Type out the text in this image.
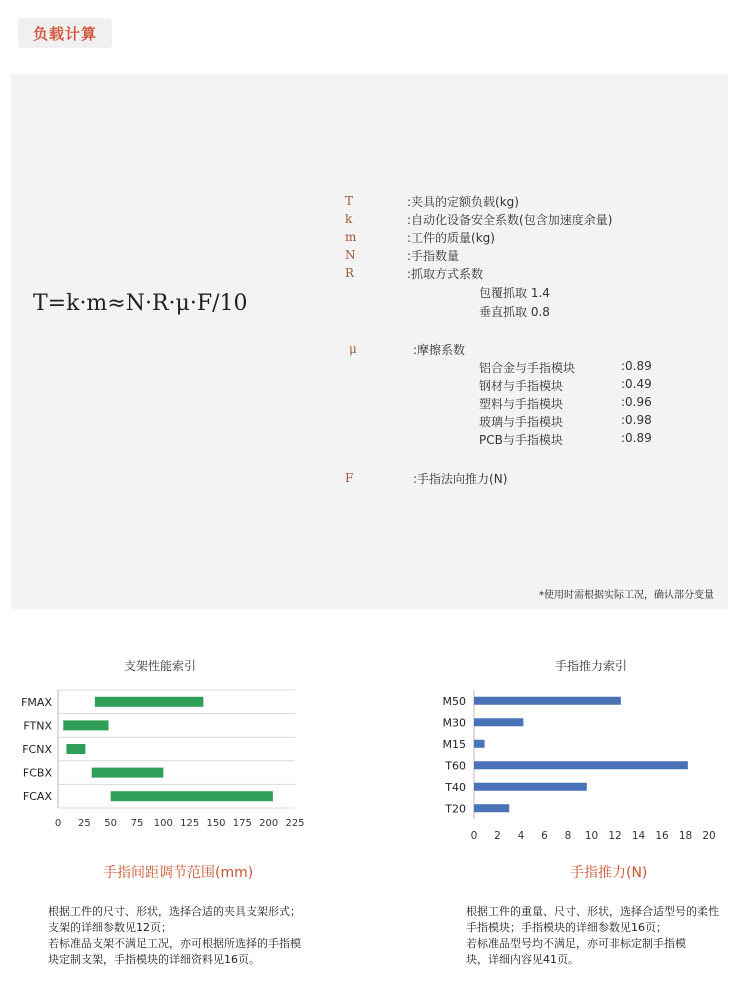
负载计算
T=k·m≈N·R·μ·F/10
T	:夹具的定额负载(kg)
k	:自动化设备安全系数(包含加速度余量)
m	:工件的质量(kg)
N	:手指数量
R	:抓取方式系数
包覆抓取 1.4
垂直抓取 0.8
μ	:摩擦系数
铝合金与手指模块	:0.89
钢材与手指模块	:0.49
塑料与手指模块	:0.96
玻璃与手指模块	:0.98
PCB与手指模块	:0.89
F	:手指法向推力(N)
*使用时需根据实际工况，确认部分变量
支架性能索引
FMAX
FTNX
FCNX
FCBX
FCAX
0 25 50 75 100 125 150 175 200 225
手指间距调节范围(mm)
手指推力索引
M50
M30
M15
T60
T40
T20
0 2 4 6 8 10 12 14 16 18 20
手指推力(N)
根据工件的尺寸、形状，选择合适的夹具支架形式；
支架的详细参数见12页；
若标准品支架不满足工况，亦可根据所选择的手指模
块定制支架，手指模块的详细资料见16页。
根据工件的重量、尺寸、形状，选择合适型号的柔性
手指模块；手指模块的详细参数见16页；
若标准品型号均不满足，亦可非标定制手指模
块，详细内容见41页。
